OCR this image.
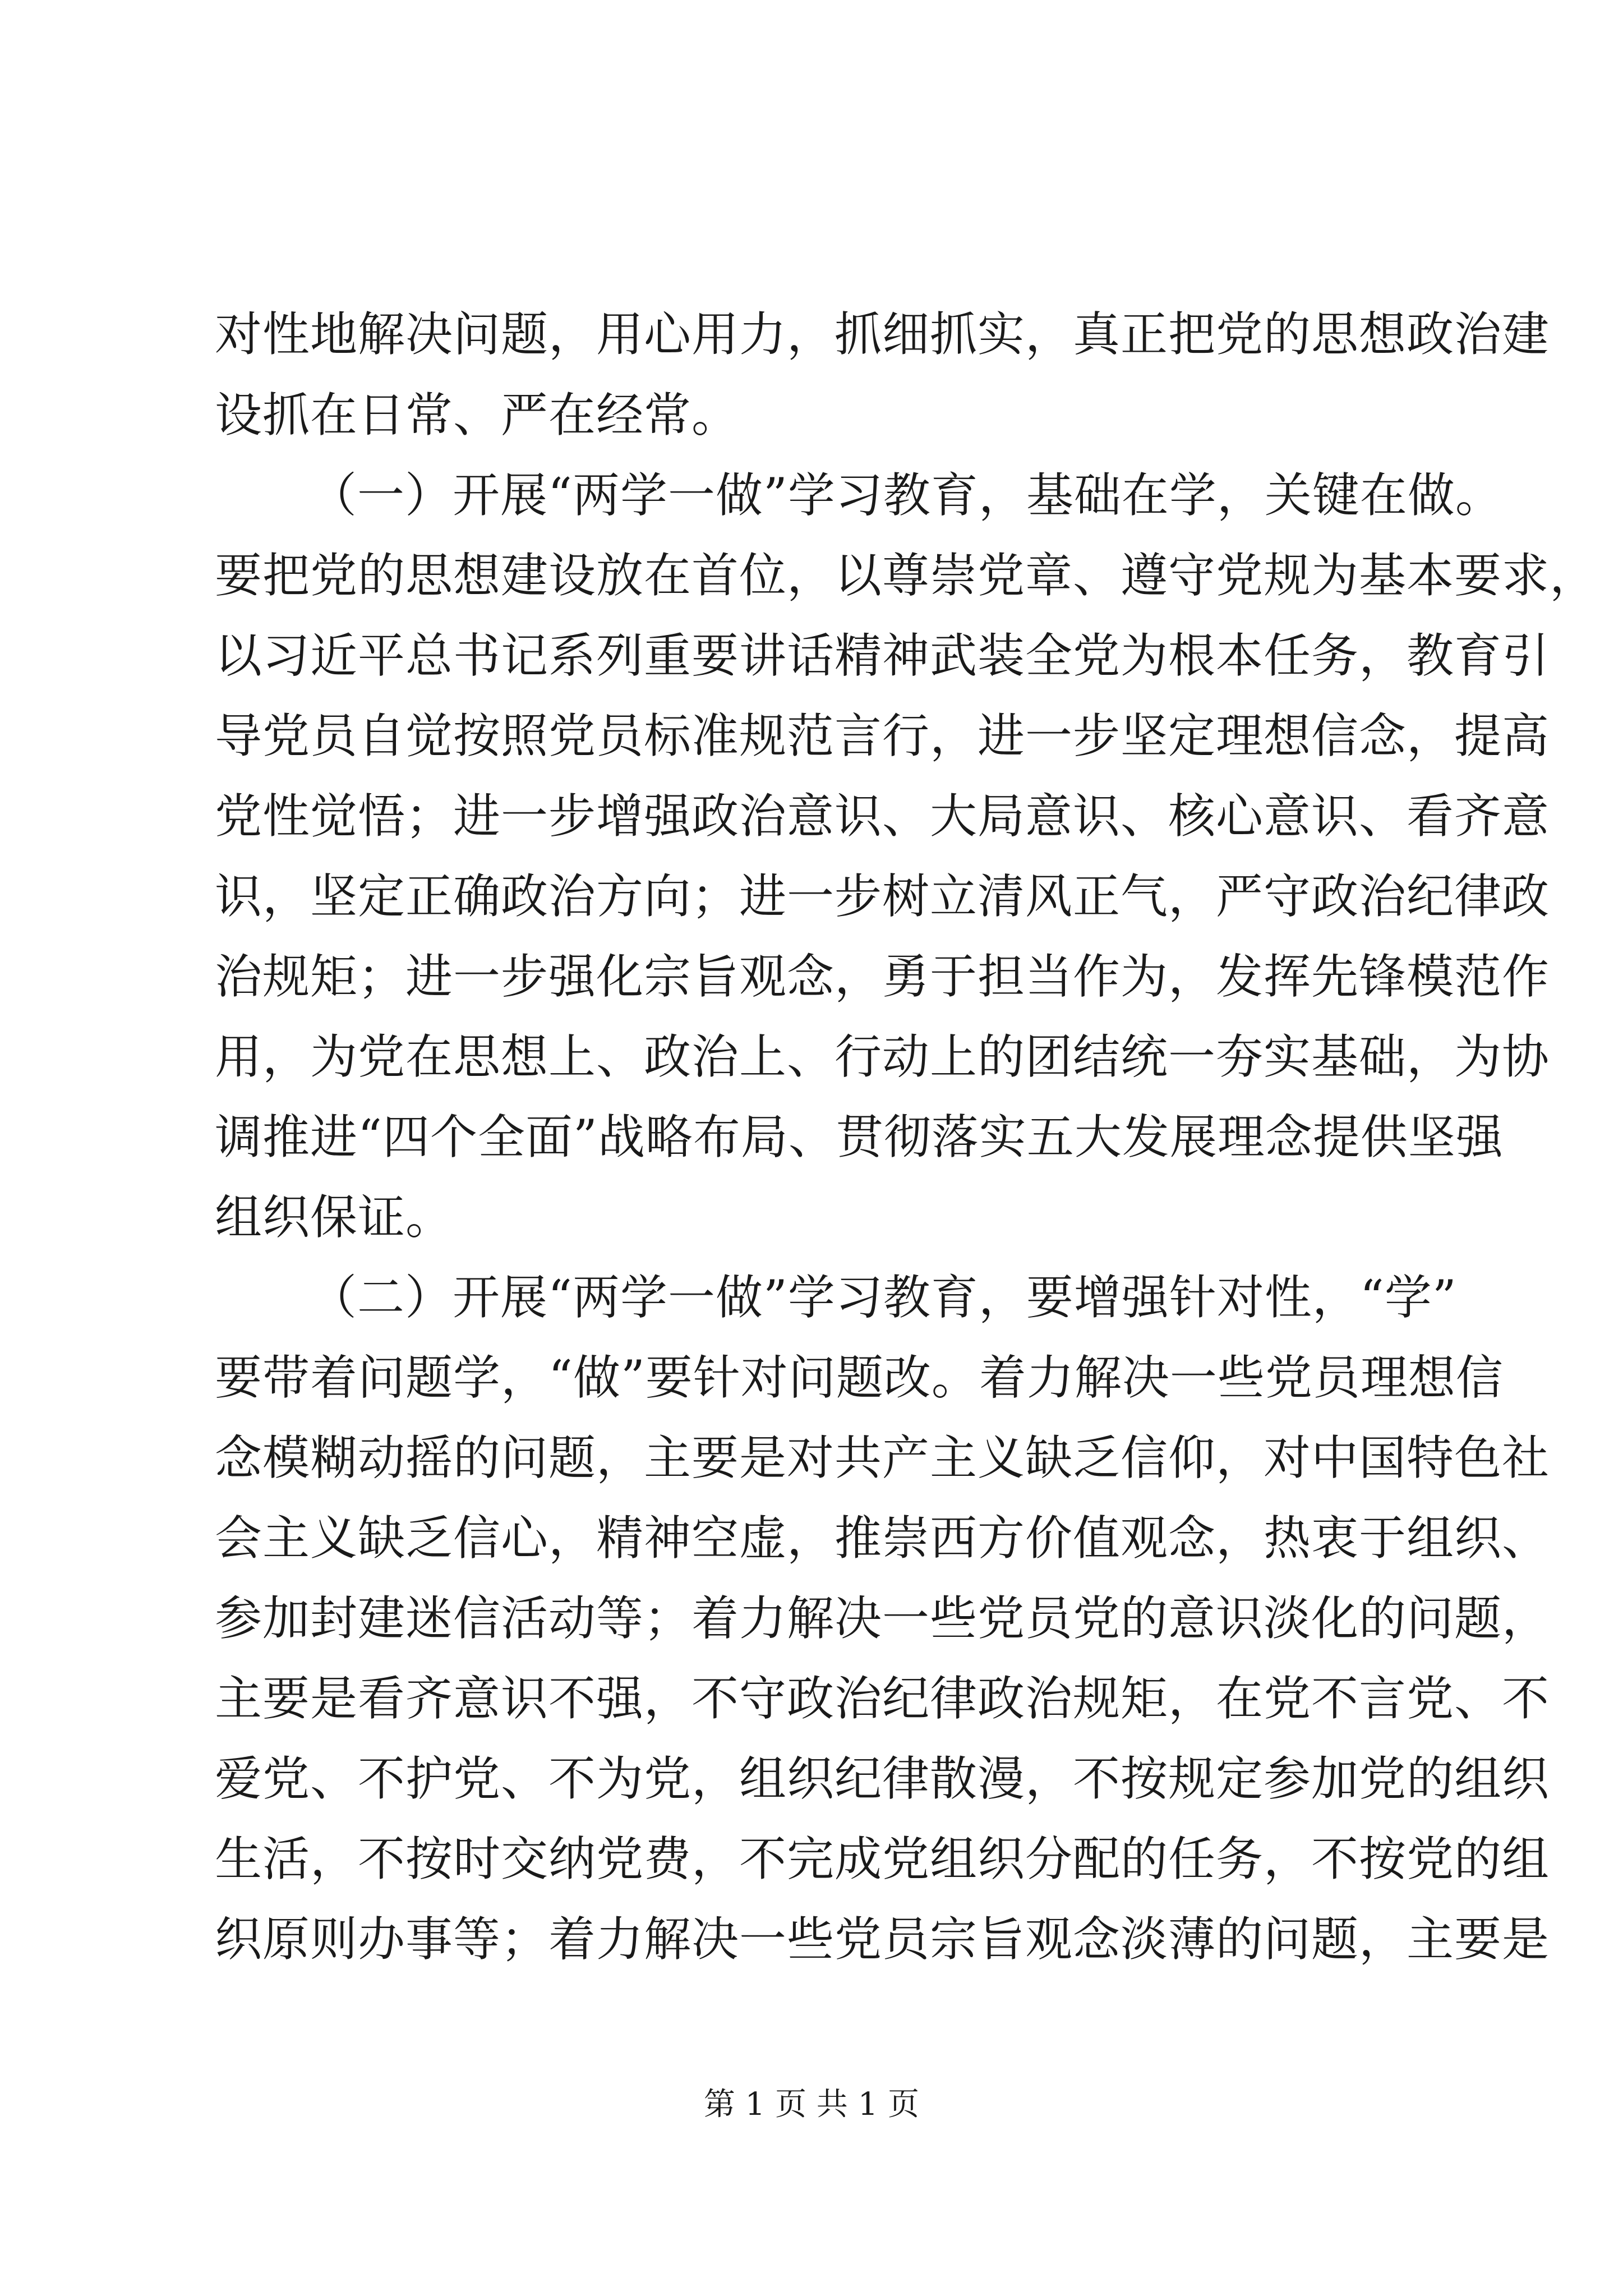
对性地解决问题，用心用力，抓细抓实，真正把党的思想政治建
设抓在日常、严在经常。
（一）开展“两学一做”学习教育，基础在学，关键在做。
要把党的思想建设放在首位，以尊崇党章、遵守党规为基本要求，
以习近平总书记系列重要讲话精神武装全党为根本任务，教育引
导党员自觉按照党员标准规范言行，进一步坚定理想信念，提高
党性觉悟；进一步增强政治意识、大局意识、核心意识、看齐意
识，坚定正确政治方向；进一步树立清风正气，严守政治纪律政
治规矩；进一步强化宗旨观念，勇于担当作为，发挥先锋模范作
用，为党在思想上、政治上、行动上的团结统一夯实基础，为协
调推进“四个全面”战略布局、贯彻落实五大发展理念提供坚强
组织保证。
（二）开展“两学一做”学习教育，要增强针对性，“学”
要带着问题学，“做”要针对问题改。着力解决一些党员理想信
念模糊动摇的问题，主要是对共产主义缺乏信仰，对中国特色社
会主义缺乏信心，精神空虚，推崇西方价值观念，热衷于组织、
参加封建迷信活动等；着力解决一些党员党的意识淡化的问题，
主要是看齐意识不强，不守政治纪律政治规矩，在党不言党、不
爱党、不护党、不为党，组织纪律散漫，不按规定参加党的组织
生活，不按时交纳党费，不完成党组织分配的任务，不按党的组
织原则办事等；着力解决一些党员宗旨观念淡薄的问题，主要是
第 1 页 共 1 页
